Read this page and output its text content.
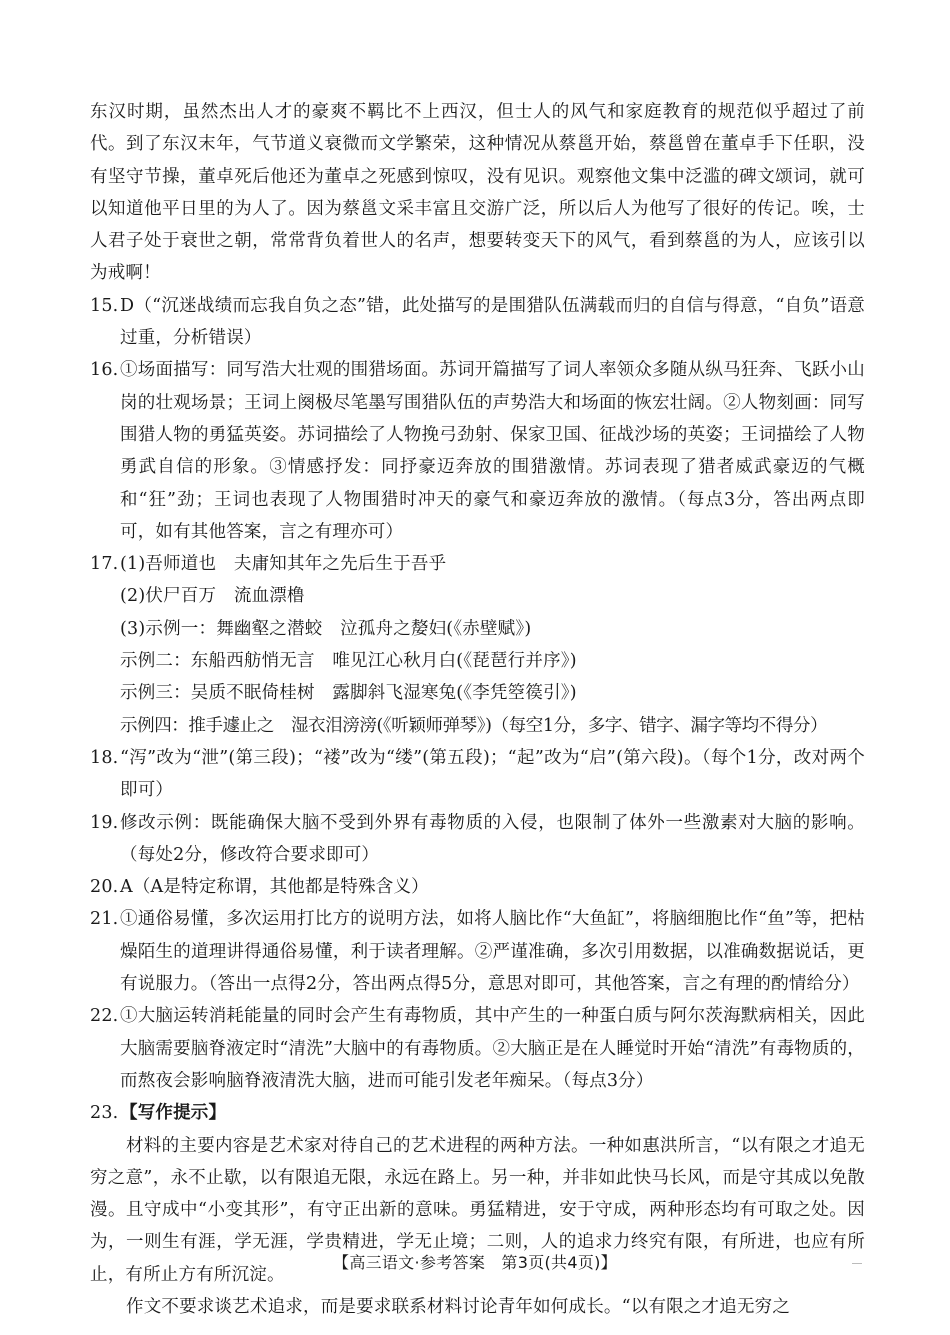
东汉时期，虽然杰出人才的豪爽不羁比不上西汉，但士人的风气和家庭教育的规范似乎超过了前代。到了东汉末年，气节道义衰微而文学繁荣，这种情况从蔡邕开始，蔡邕曾在董卓手下任职，没有坚守节操，董卓死后他还为董卓之死感到惊叹，没有见识。观察他文集中泛滥的碑文颂词，就可以知道他平日里的为人了。因为蔡邕文采丰富且交游广泛，所以后人为他写了很好的传记。唉，士人君子处于衰世之朝，常常背负着世人的名声，想要转变天下的风气，看到蔡邕的为人，应该引以为戒啊！

15. D（“沉迷战绩而忘我自负之态”错，此处描写的是围猎队伍满载而归的自信与得意，“自负”语意过重，分析错误）
16. ①场面描写：同写浩大壮观的围猎场面。苏词开篇描写了词人率领众多随从纵马狂奔、飞跃小山岗的壮观场景；王词上阕极尽笔墨写围猎队伍的声势浩大和场面的恢宏壮阔。②人物刻画：同写围猎人物的勇猛英姿。苏词描绘了人物挽弓劲射、保家卫国、征战沙场的英姿；王词描绘了人物勇武自信的形象。③情感抒发：同抒豪迈奔放的围猎激情。苏词表现了猎者威武豪迈的气概和“狂”劲；王词也表现了人物围猎时冲天的豪气和豪迈奔放的激情。（每点3分，答出两点即可，如有其他答案，言之有理亦可）
17. (1)吾师道也　夫庸知其年之先后生于吾乎

(2)伏尸百万　流血漂橹

(3)示例一：舞幽壑之潜蛟　泣孤舟之嫠妇(《赤壁赋》)

示例二：东船西舫悄无言　唯见江心秋月白(《琵琶行并序》)

示例三：吴质不眠倚桂树　露脚斜飞湿寒兔(《李凭箜篌引》)

示例四：推手遽止之　湿衣泪滂滂(《听颖师弹琴》)（每空1分，多字、错字、漏字等均不得分）

18. “泻”改为“泄”(第三段)；“褛”改为“缕”(第五段)；“起”改为“启”(第六段)。（每个1分，改对两个即可）
19. 修改示例：既能确保大脑不受到外界有毒物质的入侵，也限制了体外一些激素对大脑的影响。（每处2分，修改符合要求即可）
20. A（A是特定称谓，其他都是特殊含义）
21. ①通俗易懂，多次运用打比方的说明方法，如将人脑比作“大鱼缸”，将脑细胞比作“鱼”等，把枯燥陌生的道理讲得通俗易懂，利于读者理解。②严谨准确，多次引用数据，以准确数据说话，更有说服力。（答出一点得2分，答出两点得5分，意思对即可，其他答案，言之有理的酌情给分）
22. ①大脑运转消耗能量的同时会产生有毒物质，其中产生的一种蛋白质与阿尔茨海默病相关，因此大脑需要脑脊液定时“清洗”大脑中的有毒物质。②大脑正是在人睡觉时开始“清洗”有毒物质的，而熬夜会影响脑脊液清洗大脑，进而可能引发老年痴呆。（每点3分）
23. 【写作提示】

材料的主要内容是艺术家对待自己的艺术进程的两种方法。一种如惠洪所言，“以有限之才追无穷之意”，永不止歇，以有限追无限，永远在路上。另一种，并非如此快马长风，而是守其成以免散漫。且守成中“小变其形”，有守正出新的意味。勇猛精进，安于守成，两种形态均有可取之处。因为，一则生有涯，学无涯，学贵精进，学无止境；二则，人的追求力终究有限，有所进，也应有所止，有所止方有所沉淀。

作文不要求谈艺术追求，而是要求联系材料讨论青年如何成长。“以有限之才追无穷之

【高三语文·参考答案　第3页(共4页)】
